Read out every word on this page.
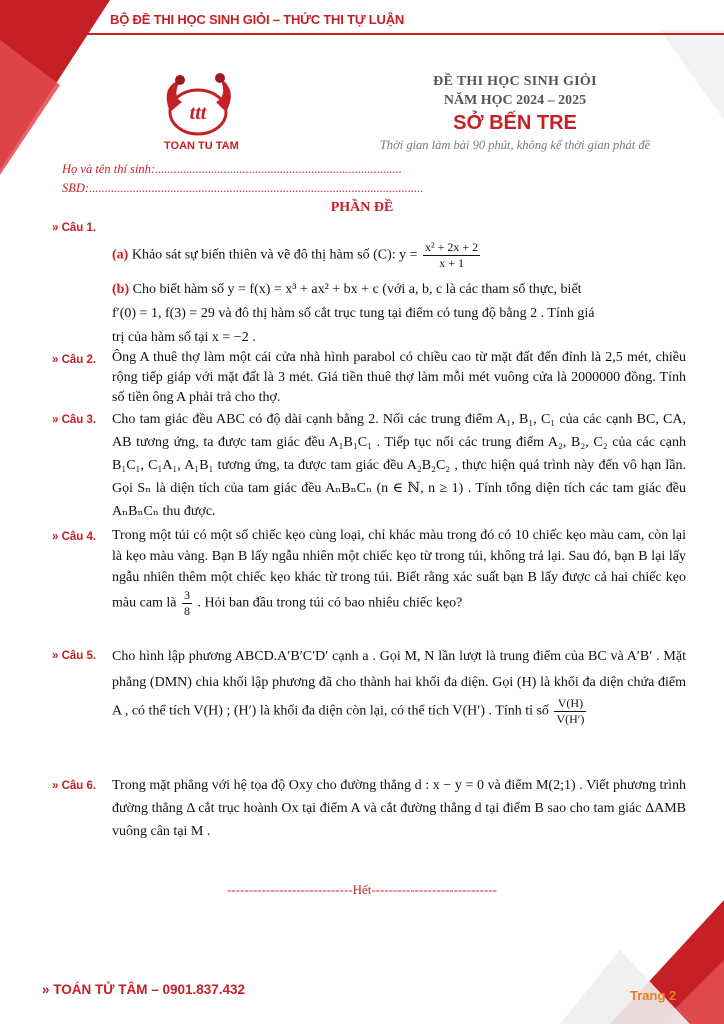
BỘ ĐỀ THI HỌC SINH GIỎI – THỨC THI TỰ LUẬN
ttt
TOAN TU TAM
ĐỀ THI HỌC SINH GIỎI
NĂM HỌC 2024 – 2025
SỞ BẾN TRE
Thời gian làm bài 90 phút, không kể thời gian phát đề
Họ và tên thí sinh:...............................................................................
SBD:...........................................................................................................
PHẦN ĐỀ
» Câu 1.
(a) Khảo sát sự biến thiên và vẽ đô thị hàm số (C): $y = \frac{\text{x² + 2x + 2}}{x + 1}$
(b) Cho biết hàm số y = f(x) = x³ + ax² + bx + c (với a, b, c là các tham số thực, biết
f′(0) = 1, f(3) = 29 và đô thị hàm số cắt trục tung tại điểm có tung độ bằng 2 . Tính giá
trị của hàm số tại x = −2 .
» Câu 2. Ông A thuê thợ làm một cái cửa nhà hình parabol có chiều cao từ mặt đất đến đỉnh là 2,5 mét, chiều rộng tiếp giáp với mặt đất là 3 mét. Giá tiền thuê thợ làm mỗi mét vuông cửa là 2000000 đồng. Tính số tiền ông A phải trả cho thợ.
» Câu 3. Cho tam giác đều ABC có độ dài cạnh bằng 2. Nối các trung điểm A₁, B₁, C₁ của các cạnh BC, CA, AB tương ứng, ta được tam giác đều A₁B₁C₁ . Tiếp tục nối các trung điểm A₂, B₂, C₂ của các cạnh B₁C₁, C₁A₁, A₁B₁ tương ứng, ta được tam giác đều A₂B₂C₂ , thực hiện quá trình này đến vô hạn lần. Gọi Sₙ là diện tích của tam giác đều AₙBₙCₙ (n ∈ ℕ, n ≥ 1) . Tính tổng diện tích các tam giác đều AₙBₙCₙ thu được.
» Câu 4. Trong một túi có một số chiếc kẹo cùng loại, chỉ khác màu trong đó có 10 chiếc kẹo màu cam, còn lại là kẹo màu vàng. Bạn B lấy ngẫu nhiên một chiếc kẹo từ trong túi, không trả lại. Sau đó, bạn B lại lấy ngẫu nhiên thêm một chiếc kẹo khác từ trong túi. Biết rằng xác suất bạn B lấy được cả hai chiếc kẹo màu cam là $\frac{3}{8}$ . Hỏi ban đầu trong túi có bao nhiêu chiếc kẹo?
» Câu 5. Cho hình lập phương ABCD.A′B′C′D′ cạnh a . Gọi M, N lần lượt là trung điểm của BC và A′B′ . Mặt phẳng (DMN) chia khối lập phương đã cho thành hai khối đa diện. Gọi (H) là khối đa diện chứa điểm A , có thể tích V(H) ; (H′) là khối đa diện còn lại, có thể tích V(H′) . Tính tỉ số $\frac{V(H)}{V(H')}$
» Câu 6. Trong mặt phẳng với hệ tọa độ Oxy cho đường thẳng d : x − y = 0 và điểm M(2;1) . Viết phương trình đường thẳng Δ cắt trục hoành Ox tại điểm A và cắt đường thẳng d tại điểm B sao cho tam giác ΔAMB vuông cân tại M .
-----------------------------Hết-----------------------------
» TOÁN TỬ TÂM – 0901.837.432	Trang 2
